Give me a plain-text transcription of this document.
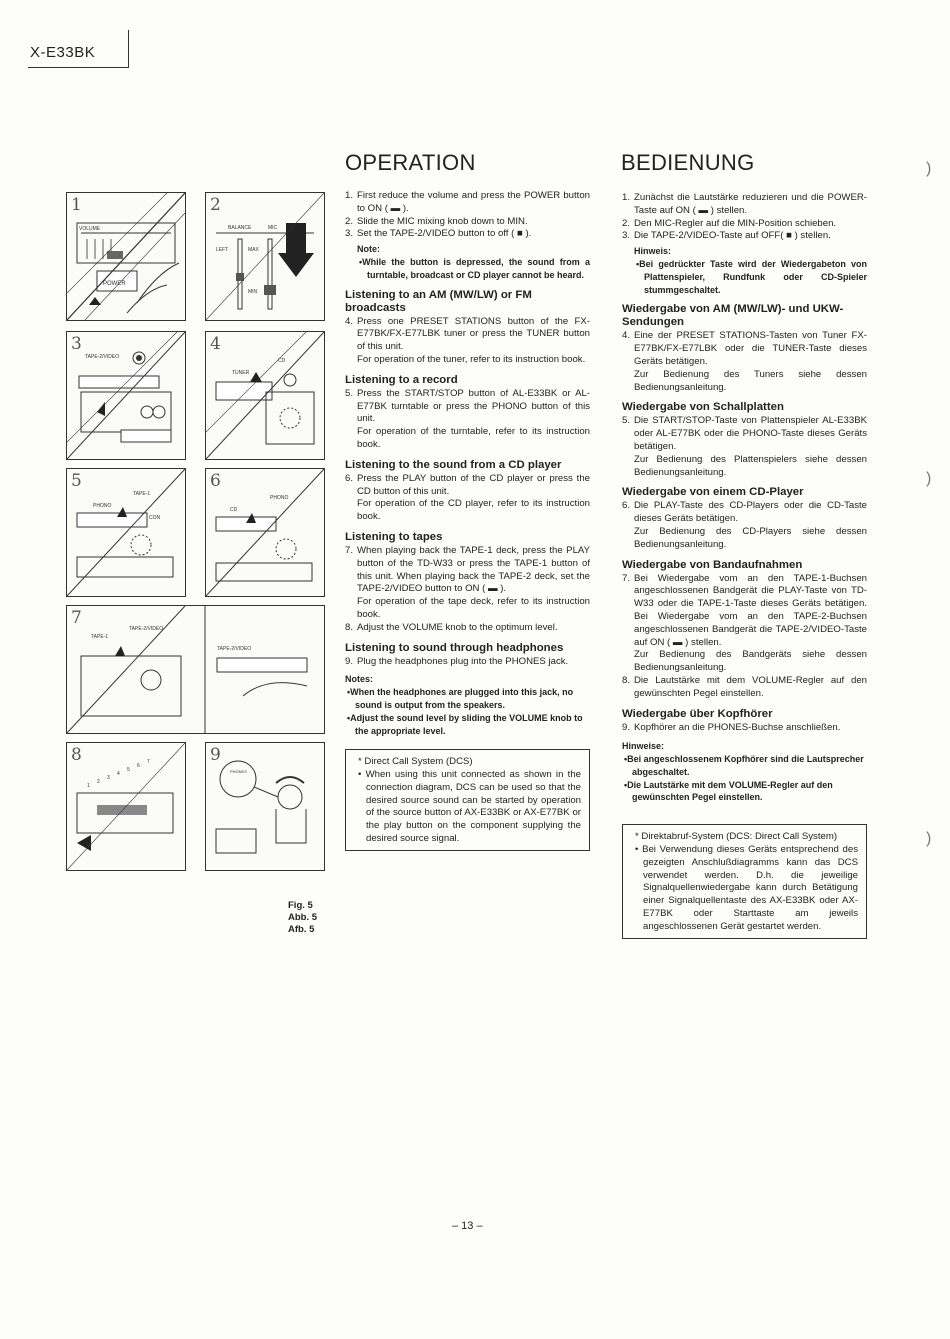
X-E33BK
OPERATION	BEDIENUNG
VOLUME
POWER
1
BALANCE	MIC
LEFT	MAX
MIN
2
TAPE-2/VIDEO
3
TUNER
CD
4
PHONO
TAPE-1
CON
5
CD
PHONO
6
TAPE-1
TAPE-2/VIDEO
TAPE-2/VIDEO
7
1
2
3
4
5
6
7
8
PHONES
9
Fig. 5
Abb. 5
Afb. 5
1. First reduce the volume and press the POWER button to ON ( ▬ ).
2. Slide the MIC mixing knob down to MIN.
3. Set the TAPE-2/VIDEO button to off ( ■ ).
Note:
• While the button is depressed, the sound from a turntable, broadcast or CD player cannot be heard.
Listening to an AM (MW/LW) or FM broadcasts
4. Press one PRESET STATIONS button of the FX-E77BK/FX-E77LBK tuner or press the TUNER button of this unit.
For operation of the tuner, refer to its instruction book.
Listening to a record
5. Press the START/STOP button of AL-E33BK or AL-E77BK turntable or press the PHONO button of this unit.
For operation of the turntable, refer to its instruction book.
Listening to the sound from a CD player
6. Press the PLAY button of the CD player or press the CD button of this unit.
For operation of the CD player, refer to its instruction book.
Listening to tapes
7. When playing back the TAPE-1 deck, press the PLAY button of the TD-W33 or press the TAPE-1 button of this unit. When playing back the TAPE-2 deck, set the TAPE-2/VIDEO button to ON ( ▬ ).
For operation of the tape deck, refer to its instruction book.
8. Adjust the VOLUME knob to the optimum level.
Listening to sound through headphones
9. Plug the headphones plug into the PHONES jack.
Notes:
• When the headphones are plugged into this jack, no sound is output from the speakers.
• Adjust the sound level by sliding the VOLUME knob to the appropriate level.

* Direct Call System (DCS)

• When using this unit connected as shown in the connection diagram, DCS can be used so that the desired source sound can be started by operation of the source button of AX-E33BK or AX-E77BK or the play button on the component supplying the desired source signal.

1. Zunächst die Lautstärke reduzieren und die POWER-Taste auf ON ( ▬ ) stellen.
2. Den MIC-Regler auf die MIN-Position schieben.
3. Die TAPE-2/VIDEO-Taste auf OFF( ■ ) stellen.
Hinweis:
• Bei gedrückter Taste wird der Wiedergabeton von Plattenspieler, Rundfunk oder CD-Spieler stummgeschaltet.
Wiedergabe von AM (MW/LW)- und UKW-Sendungen
4. Eine der PRESET STATIONS-Tasten von Tuner FX-E77BK/FX-E77LBK oder die TUNER-Taste dieses Geräts betätigen.
Zur Bedienung des Tuners siehe dessen Bedienungsanleitung.
Wiedergabe von Schallplatten
5. Die START/STOP-Taste von Plattenspieler AL-E33BK oder AL-E77BK oder die PHONO-Taste dieses Geräts betätigen.
Zur Bedienung des Plattenspielers siehe dessen Bedienungsanleitung.
Wiedergabe von einem CD-Player
6. Die PLAY-Taste des CD-Players oder die CD-Taste dieses Geräts betätigen.
Zur Bedienung des CD-Players siehe dessen Bedienungsanleitung.
Wiedergabe von Bandaufnahmen
7. Bei Wiedergabe vom an den TAPE-1-Buchsen angeschlossenen Bandgerät die PLAY-Taste von TD-W33 oder die TAPE-1-Taste dieses Geräts betätigen. Bei Wiedergabe vom an den TAPE-2-Buchsen angeschlossenen Bandgerät die TAPE-2/VIDEO-Taste auf ON ( ▬ ) stellen.
Zur Bedienung des Bandgeräts siehe dessen Bedienungsanleitung.
8. Die Lautstärke mit dem VOLUME-Regler auf den gewünschten Pegel einstellen.
Wiedergabe über Kopfhörer
9. Kopfhörer an die PHONES-Buchse anschließen.
Hinweise:
• Bei angeschlossenem Kopfhörer sind die Lautsprecher abgeschaltet.
• Die Lautstärke mit dem VOLUME-Regler auf den gewünschten Pegel einstellen.

* Direktabruf-System (DCS: Direct Call System)

• Bei Verwendung dieses Geräts entsprechend des gezeigten Anschlußdiagramms kann das DCS verwendet werden. D.h. die jeweilige Signalquellenwiedergabe kann durch Betätigung einer Signalquellentaste des AX-E33BK oder AX-E77BK oder Starttaste am jeweils angeschlossenen Gerät gestartet werden.

)
)
)
– 13 –
